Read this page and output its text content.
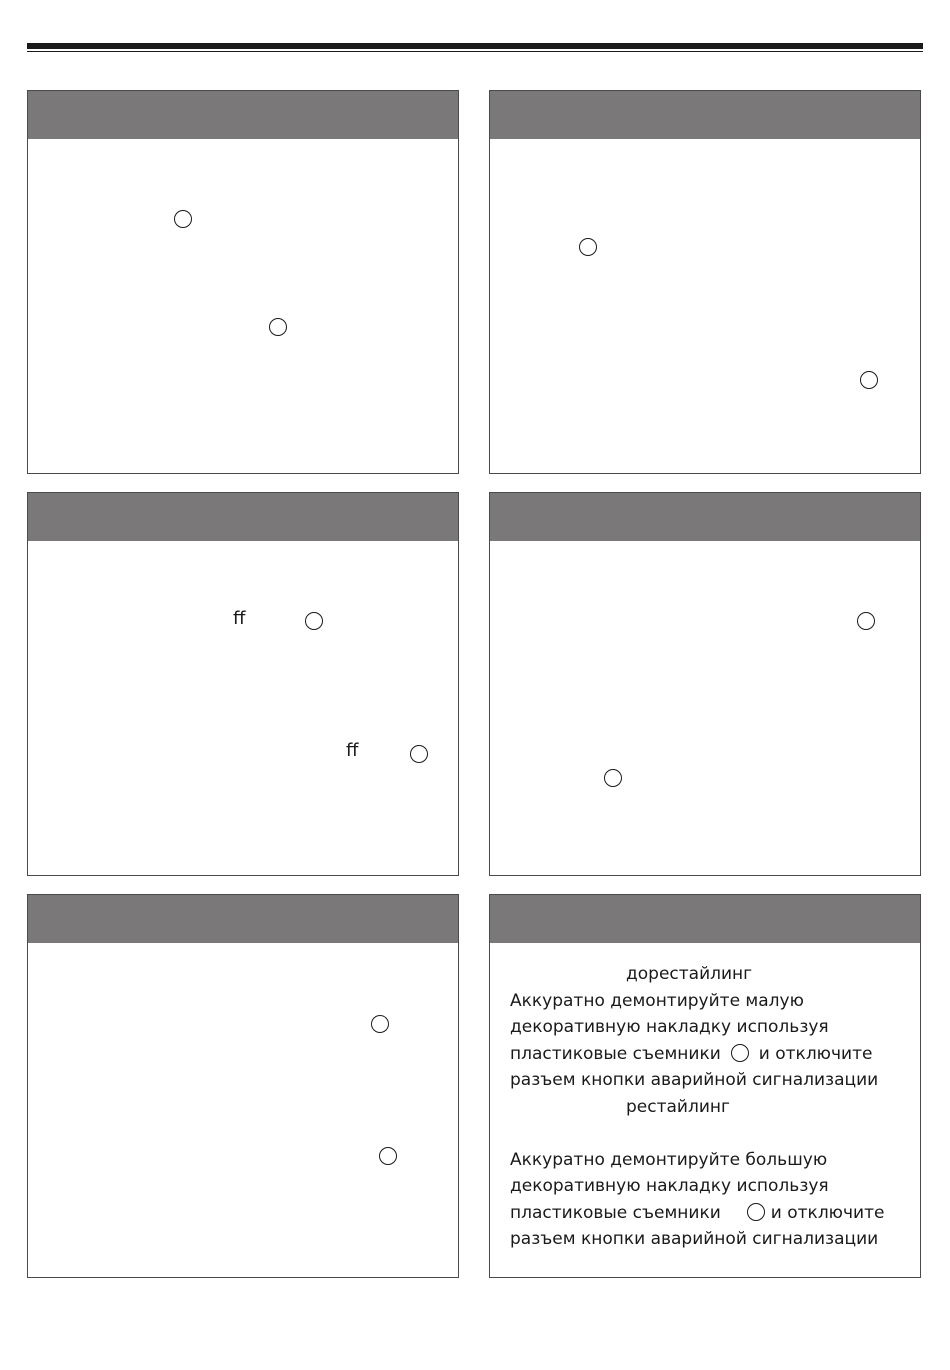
ff
ff
дорестайлинг
Аккуратно демонтируйте малую
декоративную накладку используя
пластиковые съемники и отключите
разъем кнопки аварийной сигнализации
рестайлинг
Аккуратно демонтируйте большую
декоративную накладку используя
пластиковые съемники	и отключите
разъем кнопки аварийной сигнализации
